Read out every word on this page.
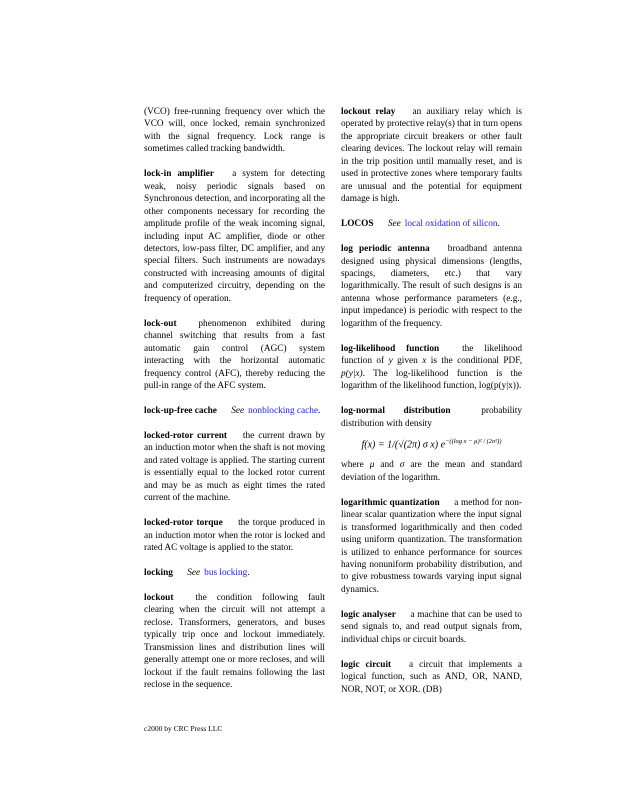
(VCO) free-running frequency over which the VCO will, once locked, remain synchronized with the signal frequency. Lock range is sometimes called tracking bandwidth.

lock-in amplifier a system for detecting weak, noisy periodic signals based on Synchronous detection, and incorporating all the other components necessary for recording the amplitude profile of the weak incoming signal, including input AC amplifier, diode or other detectors, low-pass filter, DC amplifier, and any special filters. Such instruments are nowadays constructed with increasing amounts of digital and computerized circuitry, depending on the frequency of operation.

lock-out phenomenon exhibited during channel switching that results from a fast automatic gain control (AGC) system interacting with the horizontal automatic frequency control (AFC), thereby reducing the pull-in range of the AFC system.

lock-up-free cache See nonblocking cache.

locked-rotor current the current drawn by an induction motor when the shaft is not moving and rated voltage is applied. The starting current is essentially equal to the locked rotor current and may be as much as eight times the rated current of the machine.

locked-rotor torque the torque produced in an induction motor when the rotor is locked and rated AC voltage is applied to the stator.

locking See bus locking.

lockout the condition following fault clearing when the circuit will not attempt a reclose. Transformers, generators, and buses typically trip once and lockout immediately. Transmission lines and distribution lines will generally attempt one or more recloses, and will lockout if the fault remains following the last reclose in the sequence.

lockout relay an auxiliary relay which is operated by protective relay(s) that in turn opens the appropriate circuit breakers or other fault clearing devices. The lockout relay will remain in the trip position until manually reset, and is used in protective zones where temporary faults are unusual and the potential for equipment damage is high.

LOCOS See local oxidation of silicon.

log periodic antenna broadband antenna designed using physical dimensions (lengths, spacings, diameters, etc.) that vary logarithmically. The result of such designs is an antenna whose performance parameters (e.g., input impedance) is periodic with respect to the logarithm of the frequency.

log-likelihood function the likelihood function of y given x is the conditional PDF, p(y|x). The log-likelihood function is the logarithm of the likelihood function, log(p(y|x)).

log-normal distribution	probability distribution with density

f(x) = 1/(√(2π) σ x) $e^{-((log x - \mu)^2 / (2\sigma^2))}$

where μ and σ are the mean and standard deviation of the logarithm.

logarithmic quantization a method for non-linear scalar quantization where the input signal is transformed logarithmically and then coded using uniform quantization. The transformation is utilized to enhance performance for sources having nonuniform probability distribution, and to give robustness towards varying input signal dynamics.

logic analyser a machine that can be used to send signals to, and read output signals from, individual chips or circuit boards.

logic circuit a circuit that implements a logical function, such as AND, OR, NAND, NOR, NOT, or XOR. (DB)

c2000 by CRC Press LLC
